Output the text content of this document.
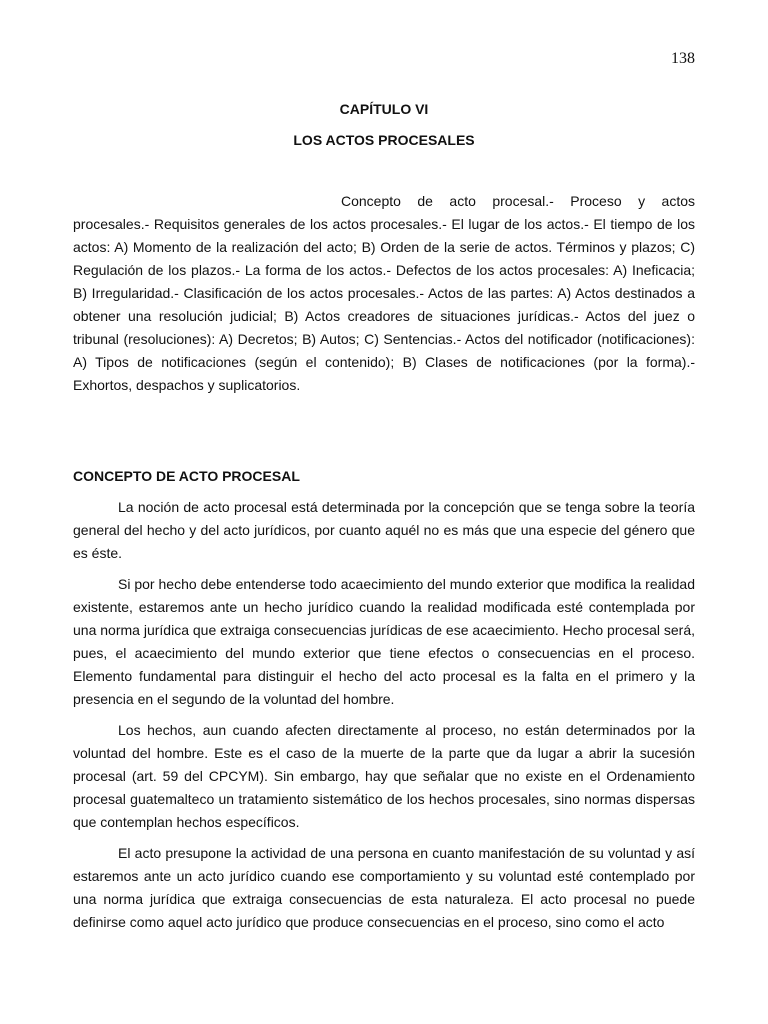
138
CAPÍTULO VI
LOS ACTOS PROCESALES

Concepto de acto procesal.- Proceso y actos procesales.- Requisitos generales de los actos procesales.- El lugar de los actos.- El tiempo de los actos: A) Momento de la realización del acto; B) Orden de la serie de actos. Términos y plazos; C) Regulación de los plazos.- La forma de los actos.- Defectos de los actos procesales: A) Ineficacia; B) Irregularidad.- Clasificación de los actos procesales.- Actos de las partes: A) Actos destinados a obtener una resolución judicial; B) Actos creadores de situaciones jurídicas.- Actos del juez o tribunal (resoluciones): A) Decretos; B) Autos; C) Sentencias.- Actos del notificador (notificaciones): A) Tipos de notificaciones (según el contenido); B) Clases de notificaciones (por la forma).- Exhortos, despachos y suplicatorios.

CONCEPTO DE ACTO PROCESAL

La noción de acto procesal está determinada por la concepción que se tenga sobre la teoría general del hecho y del acto jurídicos, por cuanto aquél no es más que una especie del género que es éste.

Si por hecho debe entenderse todo acaecimiento del mundo exterior que modifica la realidad existente, estaremos ante un hecho jurídico cuando la realidad modificada esté contemplada por una norma jurídica que extraiga consecuencias jurídicas de ese acaecimiento. Hecho procesal será, pues, el acaecimiento del mundo exterior que tiene efectos o consecuencias en el proceso. Elemento fundamental para distinguir el hecho del acto procesal es la falta en el primero y la presencia en el segundo de la voluntad del hombre.

Los hechos, aun cuando afecten directamente al proceso, no están determinados por la voluntad del hombre. Este es el caso de la muerte de la parte que da lugar a abrir la sucesión procesal (art. 59 del CPCYM). Sin embargo, hay que señalar que no existe en el Ordenamiento procesal guatemalteco un tratamiento sistemático de los hechos procesales, sino normas dispersas que contemplan hechos específicos.

El acto presupone la actividad de una persona en cuanto manifestación de su voluntad y así estaremos ante un acto jurídico cuando ese comportamiento y su voluntad esté contemplado por una norma jurídica que extraiga consecuencias de esta naturaleza. El acto procesal no puede definirse como aquel acto jurídico que produce consecuencias en el proceso, sino como el acto
